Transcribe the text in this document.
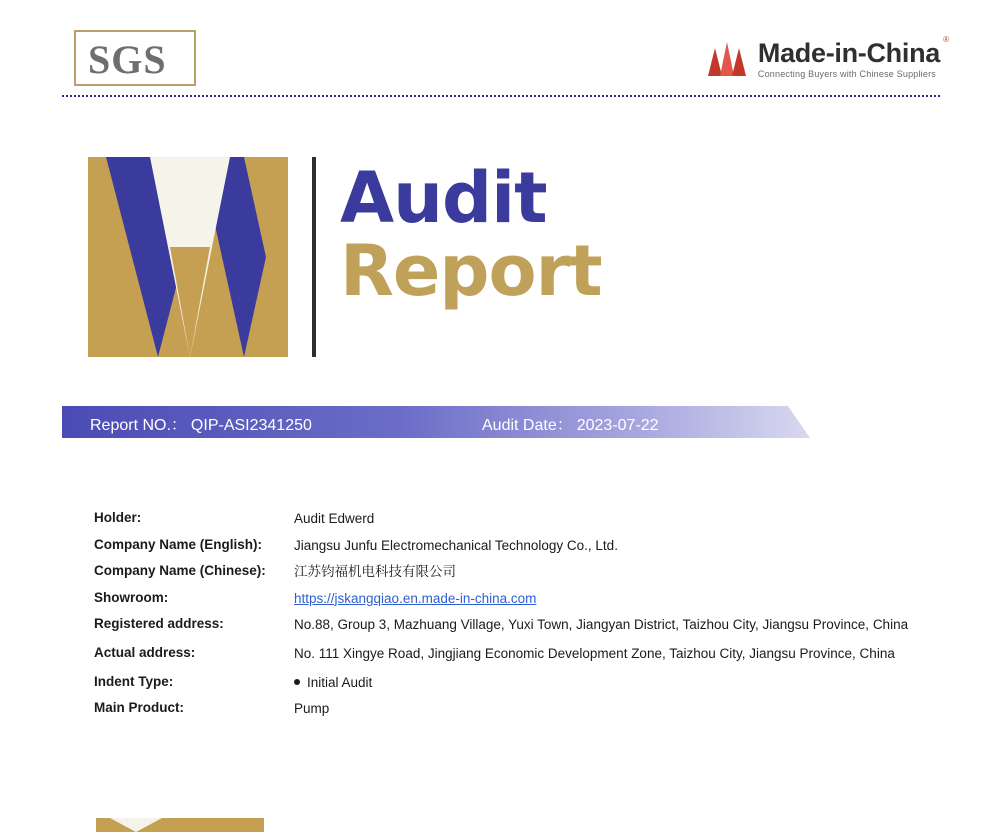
SGS	Made-in-China
Connecting Buyers with Chinese Suppliers
®
Audit
Report
Report NO.： QIP-ASI2341250	Audit Date： 2023-07-22
Holder:	Audit Edwerd
Company Name (English):	Jiangsu Junfu Electromechanical Technology Co., Ltd.
Company Name (Chinese):	江苏钧福机电科技有限公司
Showroom:	https://jskangqiao.en.made-in-china.com
Registered address:	No.88, Group 3, Mazhuang Village, Yuxi Town, Jiangyan District, Taizhou City, Jiangsu Province, China
Actual address:	No. 111 Xingye Road, Jingjiang Economic Development Zone, Taizhou City, Jiangsu Province, China
Indent Type:	Initial Audit
Main Product:	Pump
